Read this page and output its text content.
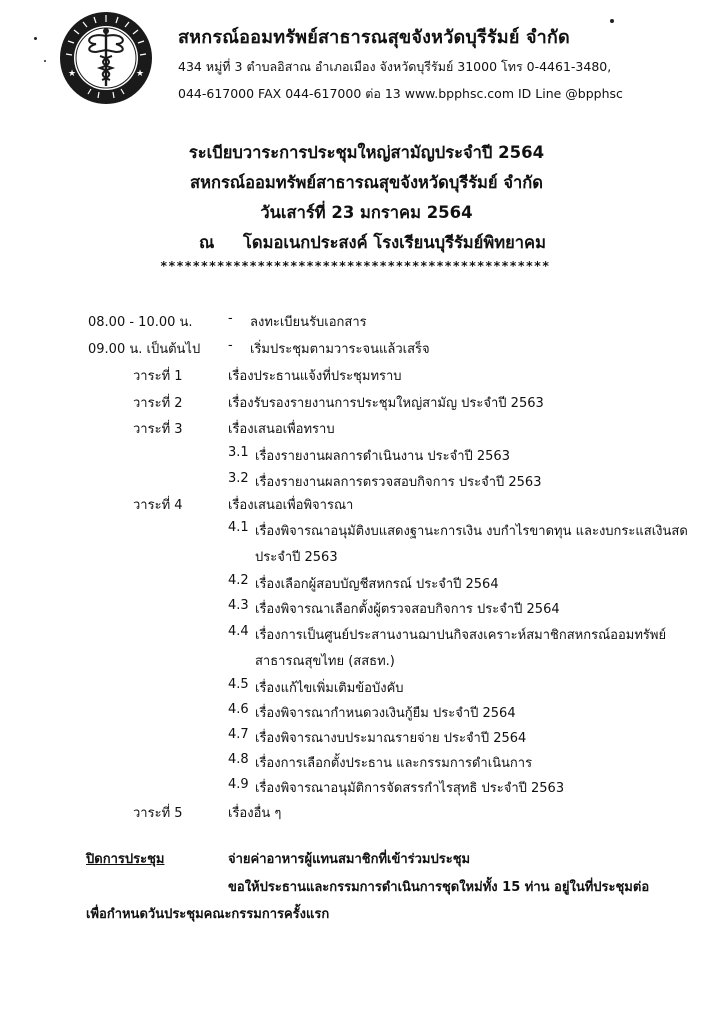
★	★
สหกรณ์ออมทรัพย์สาธารณสุขจังหวัดบุรีรัมย์ จำกัด
434 หมู่ที่ 3 ตำบลอิสาณ อำเภอเมือง จังหวัดบุรีรัมย์ 31000 โทร 0-4461-3480,
044-617000 FAX 044-617000 ต่อ 13 www.bpphsc.com ID Line @bpphsc
ระเบียบวาระการประชุมใหญ่สามัญประจำปี 2564
สหกรณ์ออมทรัพย์สาธารณสุขจังหวัดบุรีรัมย์ จำกัด
วันเสาร์ที่ 23 มกราคม 2564
ณ โดมอเนกประสงค์ โรงเรียนบุรีรัมย์พิทยาคม
************************************************
08.00 - 10.00 น.	- ลงทะเบียนรับเอกสาร
09.00 น. เป็นต้นไป - เริ่มประชุมตามวาระจนแล้วเสร็จ
วาระที่ 1	เรื่องประธานแจ้งที่ประชุมทราบ
วาระที่ 2	เรื่องรับรองรายงานการประชุมใหญ่สามัญ ประจำปี 2563
วาระที่ 3	เรื่องเสนอเพื่อทราบ
3.1 เรื่องรายงานผลการดำเนินงาน ประจำปี 2563
3.2 เรื่องรายงานผลการตรวจสอบกิจการ ประจำปี 2563
วาระที่ 4	เรื่องเสนอเพื่อพิจารณา
4.1 เรื่องพิจารณาอนุมัติงบแสดงฐานะการเงิน งบกำไรขาดทุน และงบกระแสเงินสด
ประจำปี 2563
4.2 เรื่องเลือกผู้สอบบัญชีสหกรณ์ ประจำปี 2564
4.3 เรื่องพิจารณาเลือกตั้งผู้ตรวจสอบกิจการ ประจำปี 2564
4.4 เรื่องการเป็นศูนย์ประสานงานฌาปนกิจสงเคราะห์สมาชิกสหกรณ์ออมทรัพย์
สาธารณสุขไทย (สสธท.)
4.5 เรื่องแก้ไขเพิ่มเติมข้อบังคับ
4.6 เรื่องพิจารณากำหนดวงเงินกู้ยืม ประจำปี 2564
4.7 เรื่องพิจารณางบประมาณรายจ่าย ประจำปี 2564
4.8 เรื่องการเลือกตั้งประธาน และกรรมการดำเนินการ
4.9 เรื่องพิจารณาอนุมัติการจัดสรรกำไรสุทธิ ประจำปี 2563
วาระที่ 5	เรื่องอื่น ๆ
ปิดการประชุม	จ่ายค่าอาหารผู้แทนสมาชิกที่เข้าร่วมประชุม
ขอให้ประธานและกรรมการดำเนินการชุดใหม่ทั้ง 15 ท่าน อยู่ในที่ประชุมต่อ
เพื่อกำหนดวันประชุมคณะกรรมการครั้งแรก
